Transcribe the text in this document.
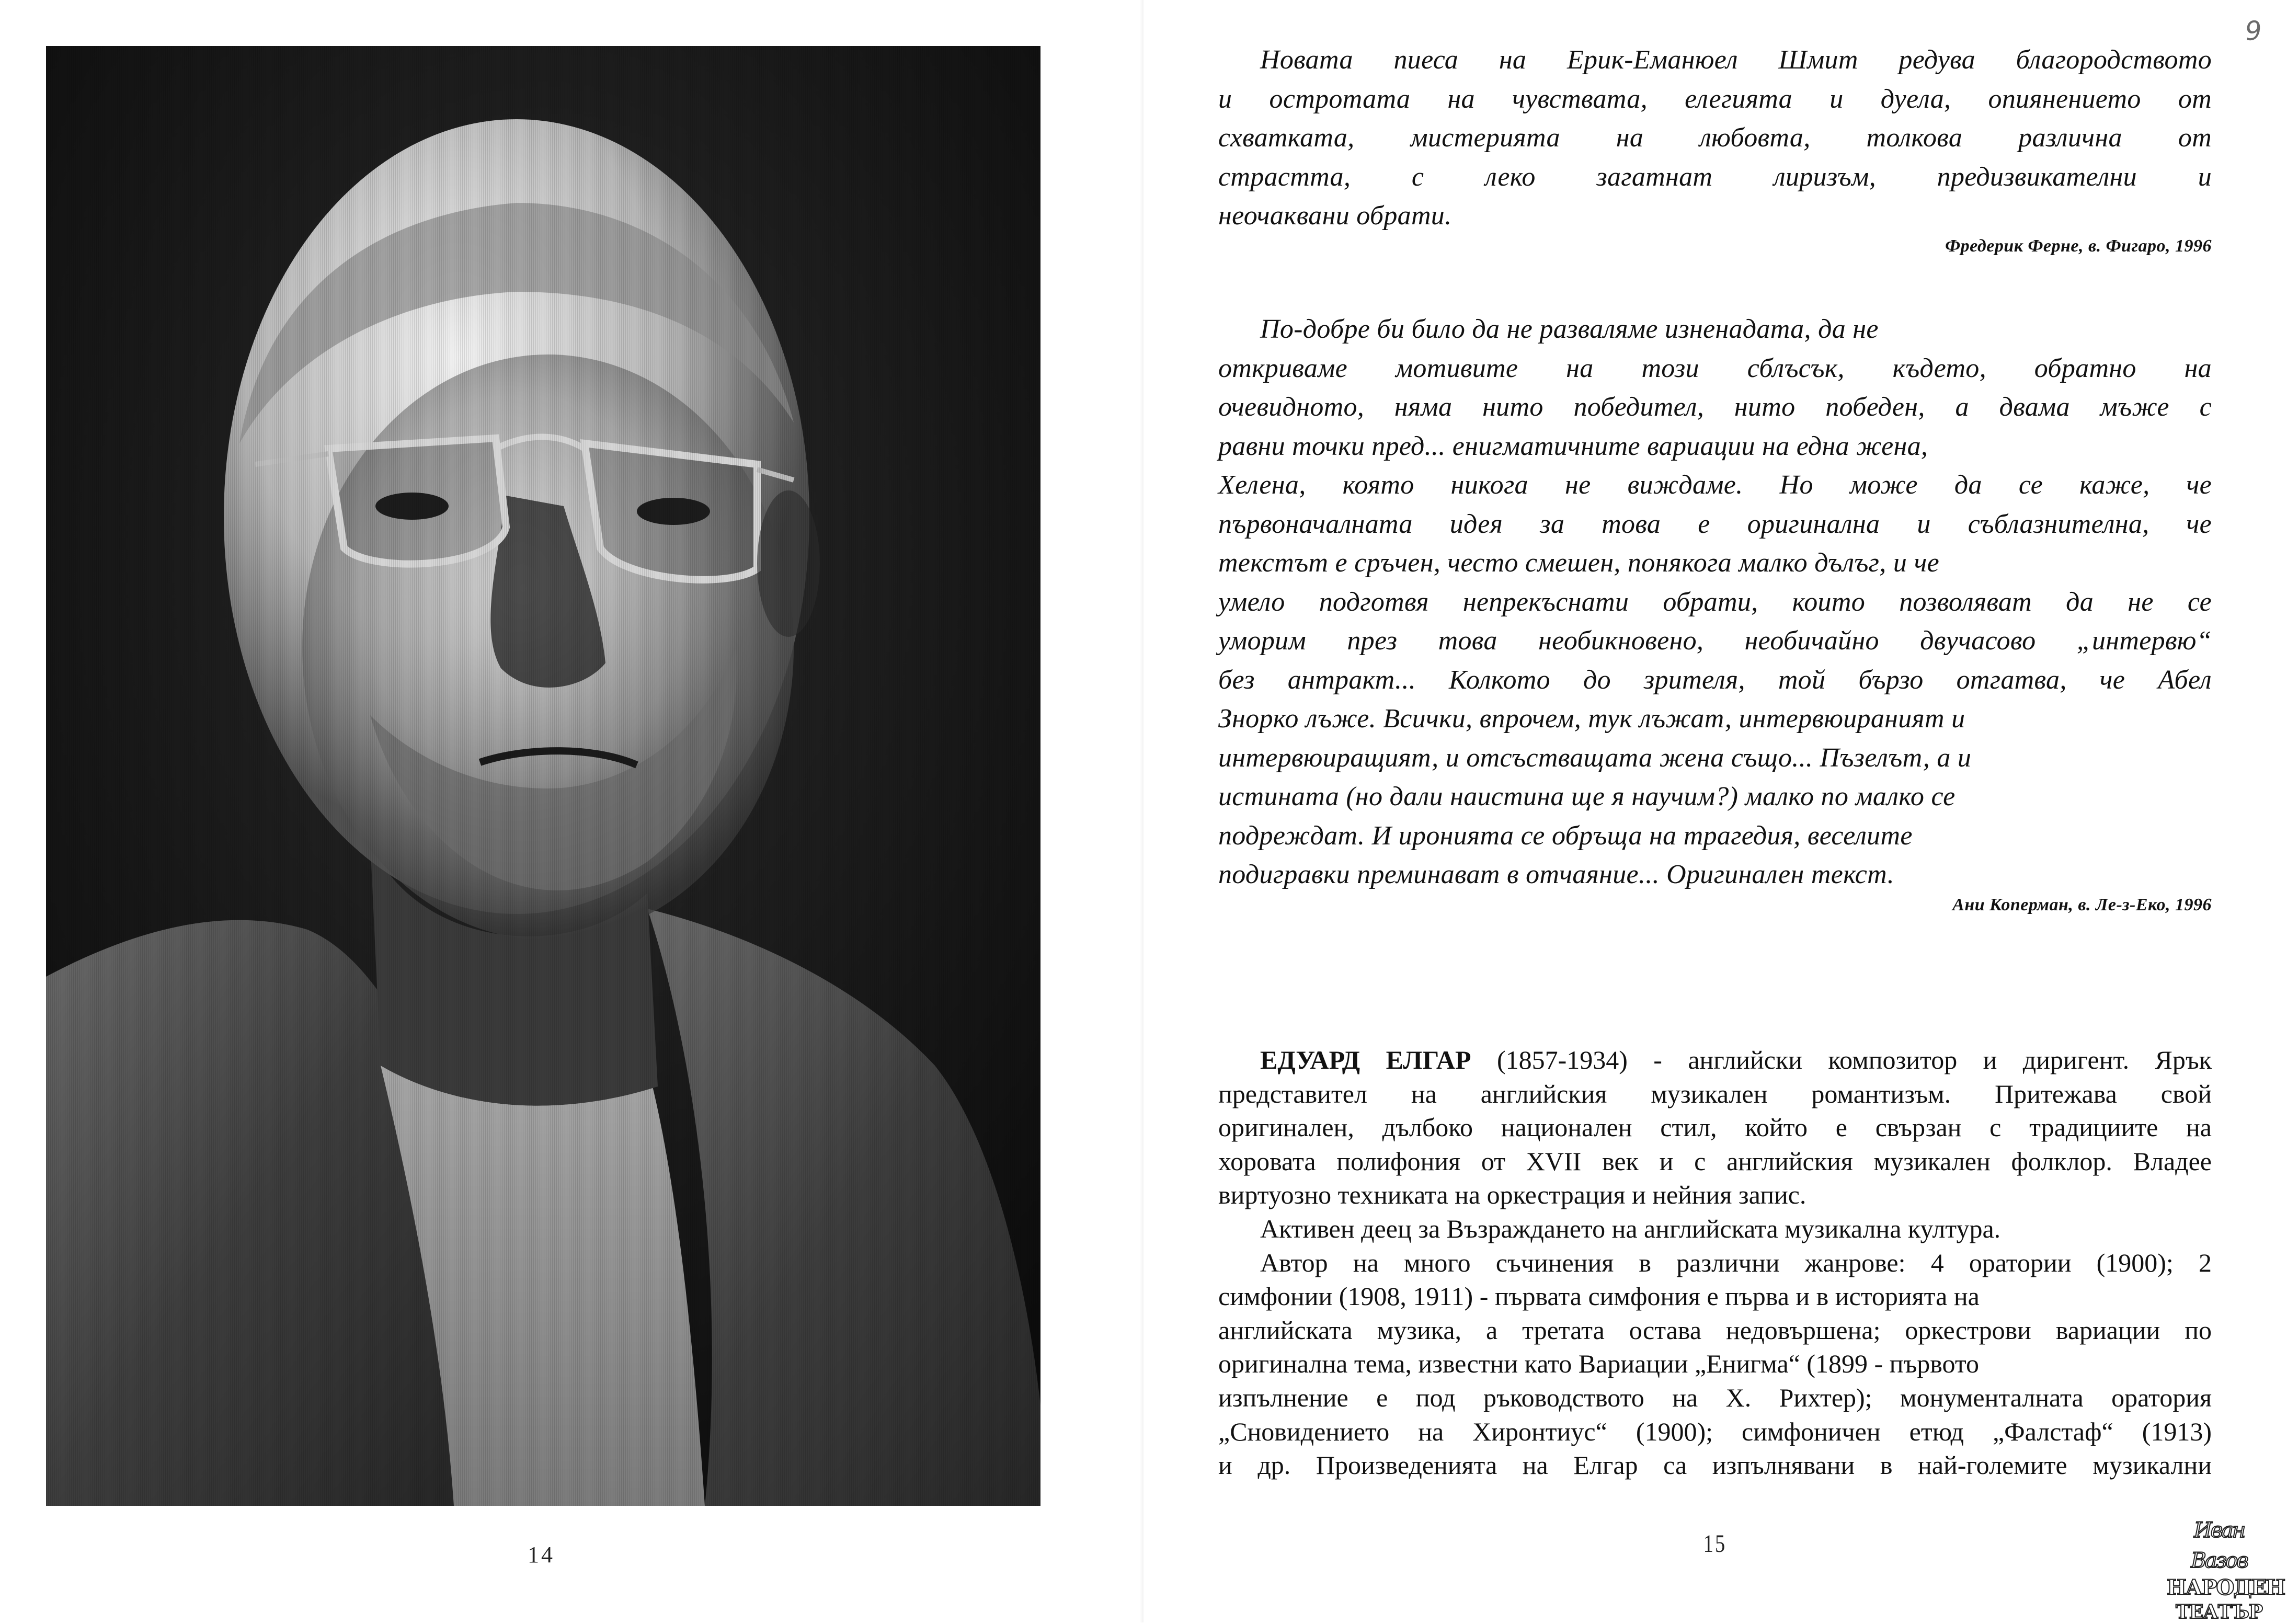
14
9

Новата пиеса на Ерик-Еманюел Шмит редува благородството
и остротата на чувствата, елегията и дуела, опиянението от
схватката, мистерията на любовта, толкова различна от
страстта, с леко загатнат лиризъм, предизвикателни и
неочаквани обрати.

Фредерик Ферне, в. Фигаро, 1996

По-добре би било да не разваляме изненадата, да не
откриваме мотивите на този сблъсък, където, обратно на
очевидното, няма нито победител, нито победен, а двама мъже с
равни точки пред... енигматичните вариации на една жена,
Хелена, която никога не виждаме. Но може да се каже, че
първоначалната идея за това е оригинална и съблазнителна, че
текстът е сръчен, често смешен, понякога малко дълъг, и че
умело подготвя непрекъснати обрати, които позволяват да не се
уморим през това необикновено, необичайно двучасово „интервю“
без антракт... Колкото до зрителя, той бързо отгатва, че Абел
Знорко лъже. Всички, впрочем, тук лъжат, интервюираният и
интервюиращият, и отсъстващата жена също... Пъзелът, а и
истината (но дали наистина ще я научим?) малко по малко се
подреждат. И иронията се обръща на трагедия, веселите
подигравки преминават в отчаяние... Оригинален текст.

Ани Коперман, в. Ле-з-Еко, 1996
ЕДУАРД ЕЛГАР (1857-1934) - английски композитор и диригент. Ярък
представител на английския музикален романтизъм. Притежава свой
оригинален, дълбоко национален стил, който е свързан с традициите на
хоровата полифония от XVII век и с английския музикален фолклор. Владее
виртуозно техниката на оркестрация и нейния запис.
Активен деец за Възраждането на английската музикална култура.
Автор на много съчинения в различни жанрове: 4 оратории (1900); 2
симфонии (1908, 1911) - първата симфония е първа и в историята на
английската музика, а третата остава недовършена; оркестрови вариации по
оригинална тема, известни като Вариации „Енигма“ (1899 - първото
изпълнение е под ръководството на Х. Рихтер); монументалната оратория
„Сновидението на Хиронтиус“ (1900); симфоничен етюд „Фалстаф“ (1913)
и др. Произведенията на Елгар са изпълнявани в най-големите музикални
15	Иван Вазов
НАРОДЕН
ТЕАТЪР
